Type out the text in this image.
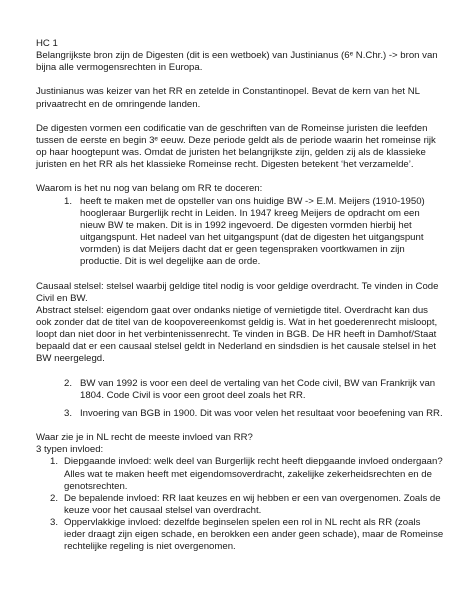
HC 1

Belangrijkste bron zijn de Digesten (dit is een wetboek) van Justinianus (6ᵉ N.Chr.) -> bron van bijna alle vermogensrechten in Europa.

Justinianus was keizer van het RR en zetelde in Constantinopel. Bevat de kern van het NL privaatrecht en de omringende landen.

De digesten vormen een codificatie van de geschriften van de Romeinse juristen die leefden tussen de eerste en begin 3ᵉ eeuw. Deze periode geldt als de periode waarin het romeinse rijk op haar hoogtepunt was. Omdat de juristen het belangrijkste zijn, gelden zij als de klassieke juristen en het RR als het klassieke Romeinse recht. Digesten betekent ‘het verzamelde’.

Waarom is het nu nog van belang om RR te doceren:

1. heeft te maken met de opsteller van ons huidige BW -> E.M. Meijers (1910-1950) hoogleraar Burgerlijk recht in Leiden. In 1947 kreeg Meijers de opdracht om een nieuw BW te maken. Dit is in 1992 ingevoerd. De digesten vormden hierbij het uitgangspunt. Het nadeel van het uitgangspunt (dat de digesten het uitgangspunt vormden) is dat Meijers dacht dat er geen tegenspraken voortkwamen in zijn productie. Dit is wel degelijke aan de orde.

Causaal stelsel: stelsel waarbij geldige titel nodig is voor geldige overdracht. Te vinden in Code Civil en BW.
Abstract stelsel: eigendom gaat over ondanks nietige of vernietigde titel. Overdracht kan dus ook zonder dat de titel van de koopovereenkomst geldig is. Wat in het goederenrecht misloopt, loopt dan niet door in het verbintenissenrecht. Te vinden in BGB. De HR heeft in Damhof/Staat bepaald dat er een causaal stelsel geldt in Nederland en sindsdien is het causale stelsel in het BW neergelegd.

2. BW van 1992 is voor een deel de vertaling van het Code civil, BW van Frankrijk van 1804. Code Civil is voor een groot deel zoals het RR.
3. Invoering van BGB in 1900. Dit was voor velen het resultaat voor beoefening van RR.

Waar zie je in NL recht de meeste invloed van RR?

3 typen invloed:

1. Diepgaande invloed: welk deel van Burgerlijk recht heeft diepgaande invloed ondergaan? Alles wat te maken heeft met eigendomsoverdracht, zakelijke zekerheidsrechten en de genotsrechten.
2. De bepalende invloed: RR laat keuzes en wij hebben er een van overgenomen. Zoals de keuze voor het causaal stelsel van overdracht.
3. Oppervlakkige invloed: dezelfde beginselen spelen een rol in NL recht als RR (zoals ieder draagt zijn eigen schade, en berokken een ander geen schade), maar de Romeinse rechtelijke regeling is niet overgenomen.
